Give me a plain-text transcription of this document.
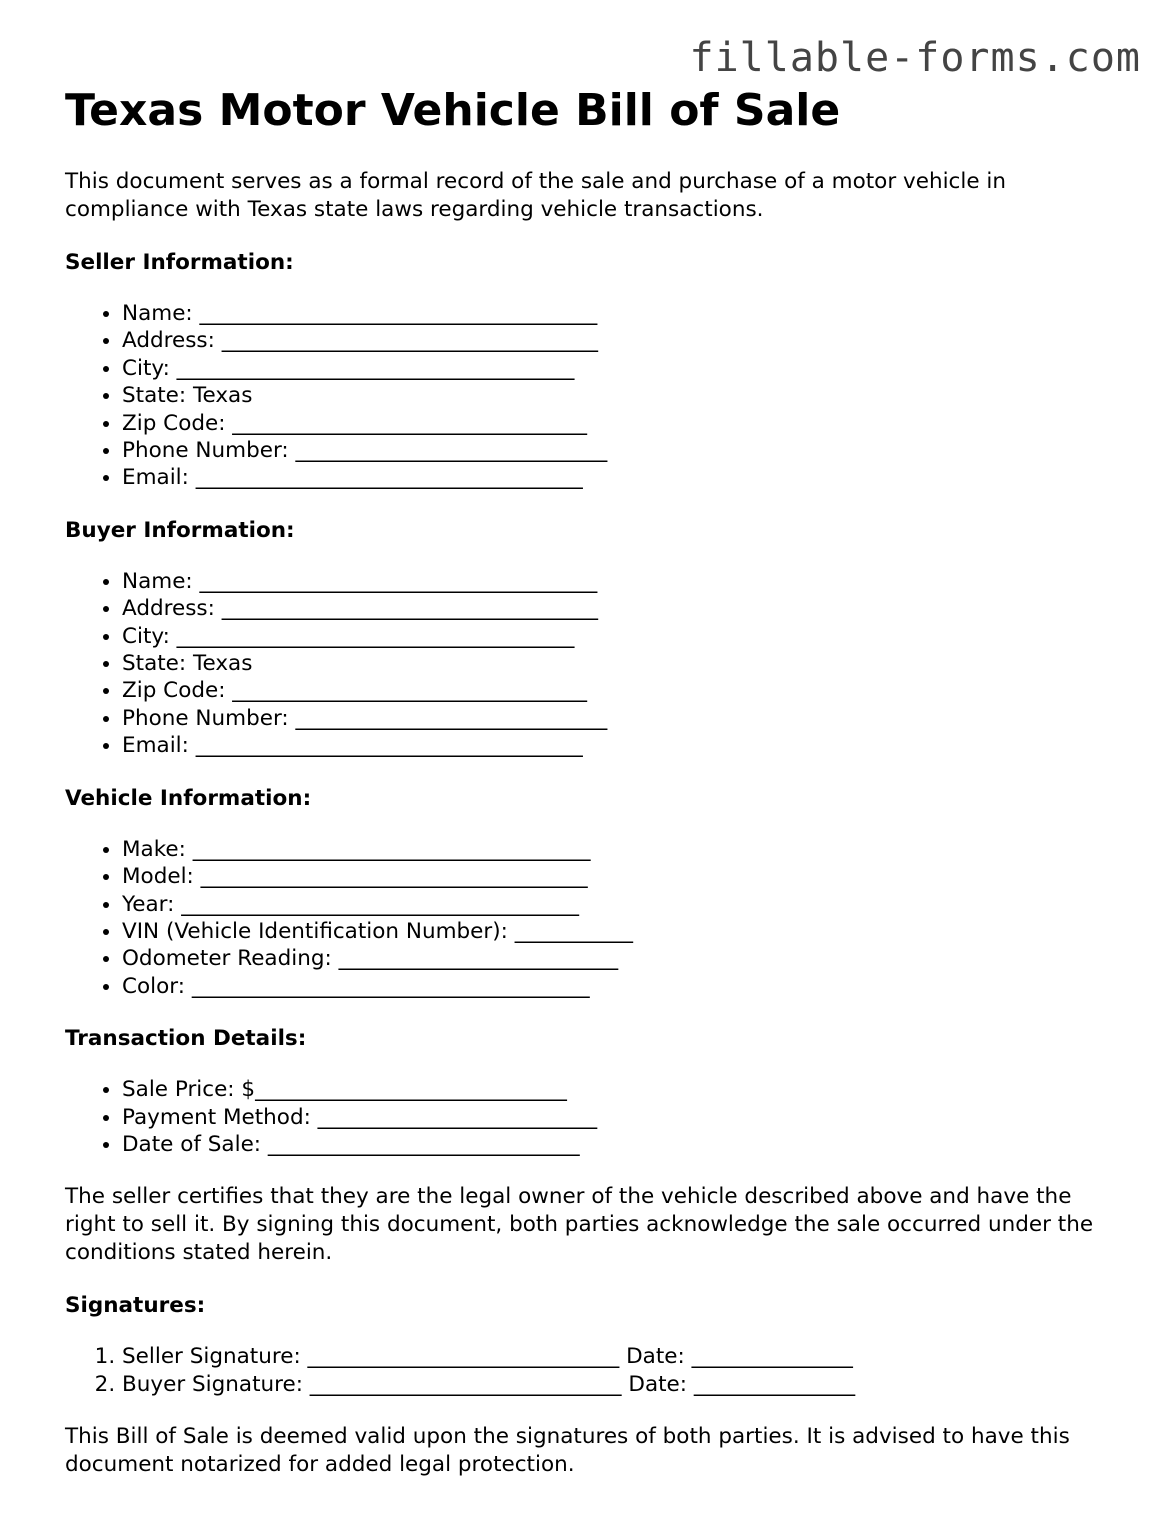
fillable-forms.com
Texas Motor Vehicle Bill of Sale

This document serves as a formal record of the sale and purchase of a motor vehicle in compliance with Texas state laws regarding vehicle transactions.

Seller Information:

• Name: _____________________________________
• Address: ___________________________________
• City: _____________________________________
• State: Texas
• Zip Code: _________________________________
• Phone Number: _____________________________
• Email: ____________________________________

Buyer Information:

• Name: _____________________________________
• Address: ___________________________________
• City: _____________________________________
• State: Texas
• Zip Code: _________________________________
• Phone Number: _____________________________
• Email: ____________________________________

Vehicle Information:

• Make: _____________________________________
• Model: ____________________________________
• Year: _____________________________________
• VIN (Vehicle Identification Number): ___________
• Odometer Reading: __________________________
• Color: _____________________________________

Transaction Details:

• Sale Price: $_____________________________
• Payment Method: __________________________
• Date of Sale: _____________________________

The seller certifies that they are the legal owner of the vehicle described above and have the right to sell it. By signing this document, both parties acknowledge the sale occurred under the conditions stated herein.

Signatures:

1. Seller Signature: _____________________________ Date: _______________
2. Buyer Signature: _____________________________ Date: _______________

This Bill of Sale is deemed valid upon the signatures of both parties. It is advised to have this document notarized for added legal protection.
